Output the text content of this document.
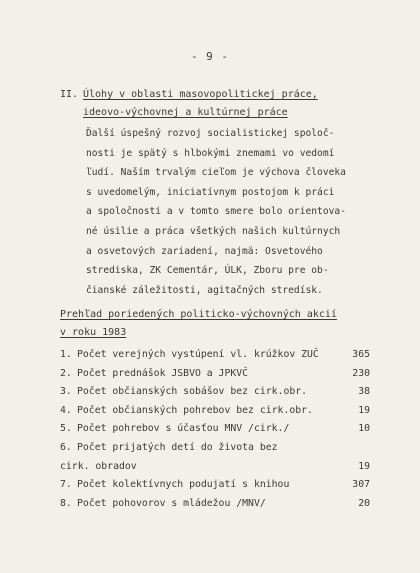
- 9 -
II. Úlohy v oblasti masovopolitickej práce,
ideovo-výchovnej a kultúrnej práce
Ďalší úspešný rozvoj socialistickej spoloč-
nosti je spätý s hlbokými znemami vo vedomí
ľudí. Naším trvalým cieľom je výchova človeka
s uvedomelým, iniciatívnym postojom k práci
a spoločnosti a v tomto smere bolo orientova-
né úsilie a práca všetkých našich kultúrnych
a osvetových zariadení, najmä: Osvetového
strediska, ZK Cementár, ÚLK, Zboru pre ob-
čianské záležitosti, agitačných stredísk.
Prehľad poriedených politicko-výchovných akcií
v roku 1983
1. Počet verejných vystúpení vl. krúžkov ZUČ	365
2. Počet prednášok JSBVO a JPKVČ	230
3. Počet občianských sobášov bez cirk.obr.	38
4. Počet občianských pohrebov bez cirk.obr.	19
5. Počet pohrebov s účasťou MNV /cirk./	10
6. Počet prijatých detí do života bez
cirk. obradov	19
7. Počet kolektívnych podujatí s knihou	307
8. Počet pohovorov s mládežou /MNV/	20
